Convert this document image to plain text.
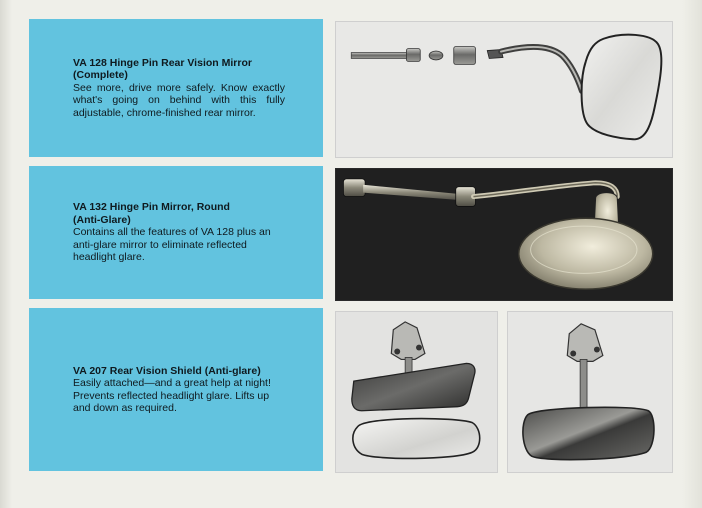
VA 128 Hinge Pin Rear Vision Mirror
(Complete)
See more, drive more safely. Know exactly what's going on behind with this fully adjustable, chrome-finished rear mirror.
VA 132 Hinge Pin Mirror, Round
(Anti-Glare)
Contains all the features of VA 128 plus an anti-glare mirror to eliminate reflected headlight glare.
VA 207 Rear Vision Shield (Anti-glare)
Easily attached—and a great help at night! Prevents reflected headlight glare. Lifts up and down as required.
